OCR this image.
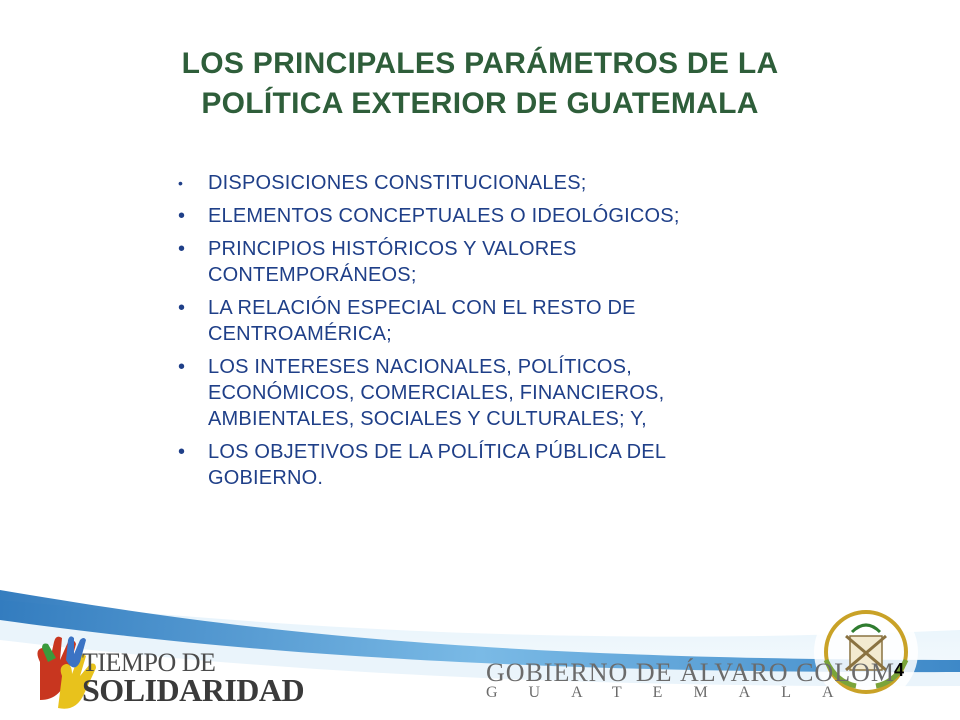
LOS PRINCIPALES PARÁMETROS DE LA
POLÍTICA EXTERIOR DE GUATEMALA
• DISPOSICIONES CONSTITUCIONALES;
• ELEMENTOS CONCEPTUALES O IDEOLÓGICOS;
• PRINCIPIOS HISTÓRICOS Y VALORES
CONTEMPORÁNEOS;
• LA RELACIÓN ESPECIAL CON EL RESTO DE
CENTROAMÉRICA;
• LOS INTERESES NACIONALES, POLÍTICOS,
ECONÓMICOS, COMERCIALES, FINANCIEROS,
AMBIENTALES, SOCIALES Y CULTURALES; Y,
• LOS OBJETIVOS DE LA POLÍTICA PÚBLICA DEL
GOBIERNO.
TIEMPO DE
SOLIDARIDAD	GOBIERNO DE ÁLVARO COLOM
GUATEMALA
4
